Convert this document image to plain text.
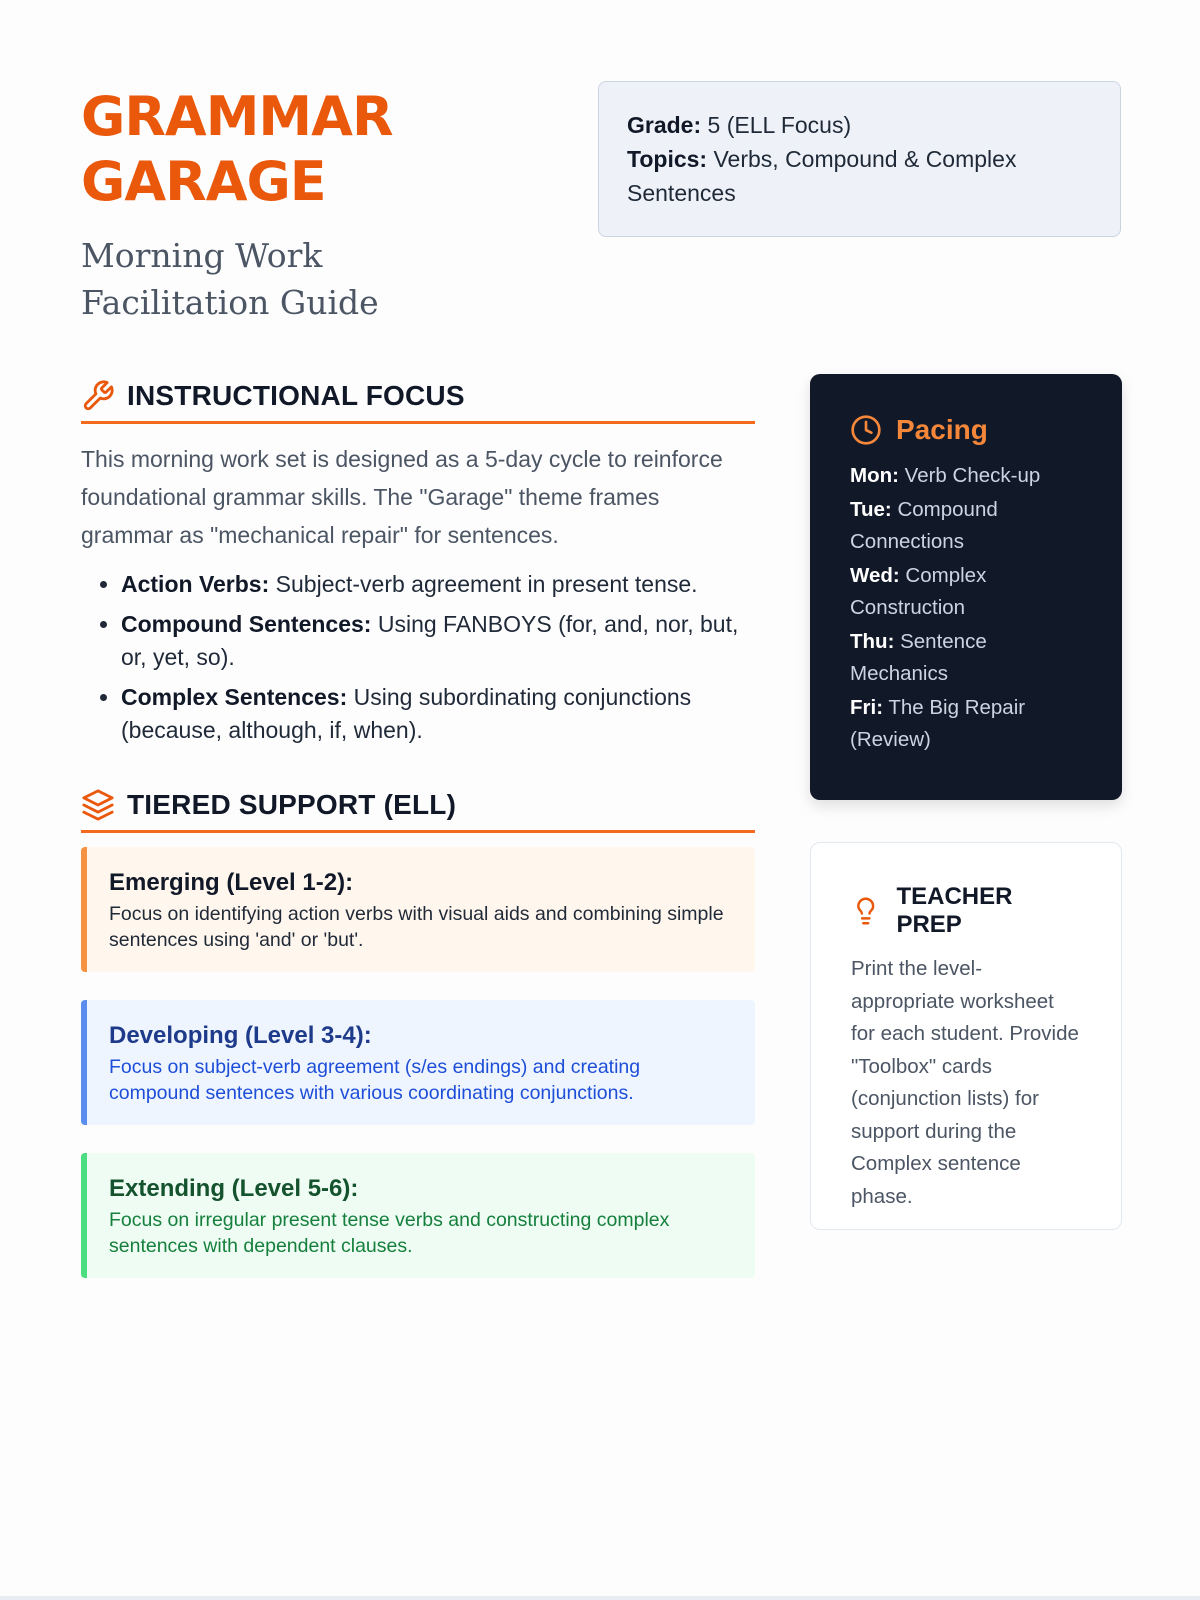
GRAMMAR GARAGE
Morning Work Facilitation Guide
Grade: 5 (ELL Focus)
Topics: Verbs, Compound & Complex Sentences
INSTRUCTIONAL FOCUS

This morning work set is designed as a 5-day cycle to reinforce foundational grammar skills. The "Garage" theme frames grammar as "mechanical repair" for sentences.

• Action Verbs: Subject-verb agreement in present tense.
• Compound Sentences: Using FANBOYS (for, and, nor, but, or, yet, so).
• Complex Sentences: Using subordinating conjunctions (because, although, if, when).
TIERED SUPPORT (ELL)
Emerging (Level 1-2):
Focus on identifying action verbs with visual aids and combining simple sentences using 'and' or 'but'.
Developing (Level 3-4):
Focus on subject-verb agreement (s/es endings) and creating compound sentences with various coordinating conjunctions.
Extending (Level 5-6):
Focus on irregular present tense verbs and constructing complex sentences with dependent clauses.
Pacing
Mon: Verb Check-up
Tue: Compound Connections
Wed: Complex Construction
Thu: Sentence Mechanics
Fri: The Big Repair (Review)
TEACHER PREP

Print the level-appropriate worksheet for each student. Provide "Toolbox" cards (conjunction lists) for support during the Complex sentence phase.
